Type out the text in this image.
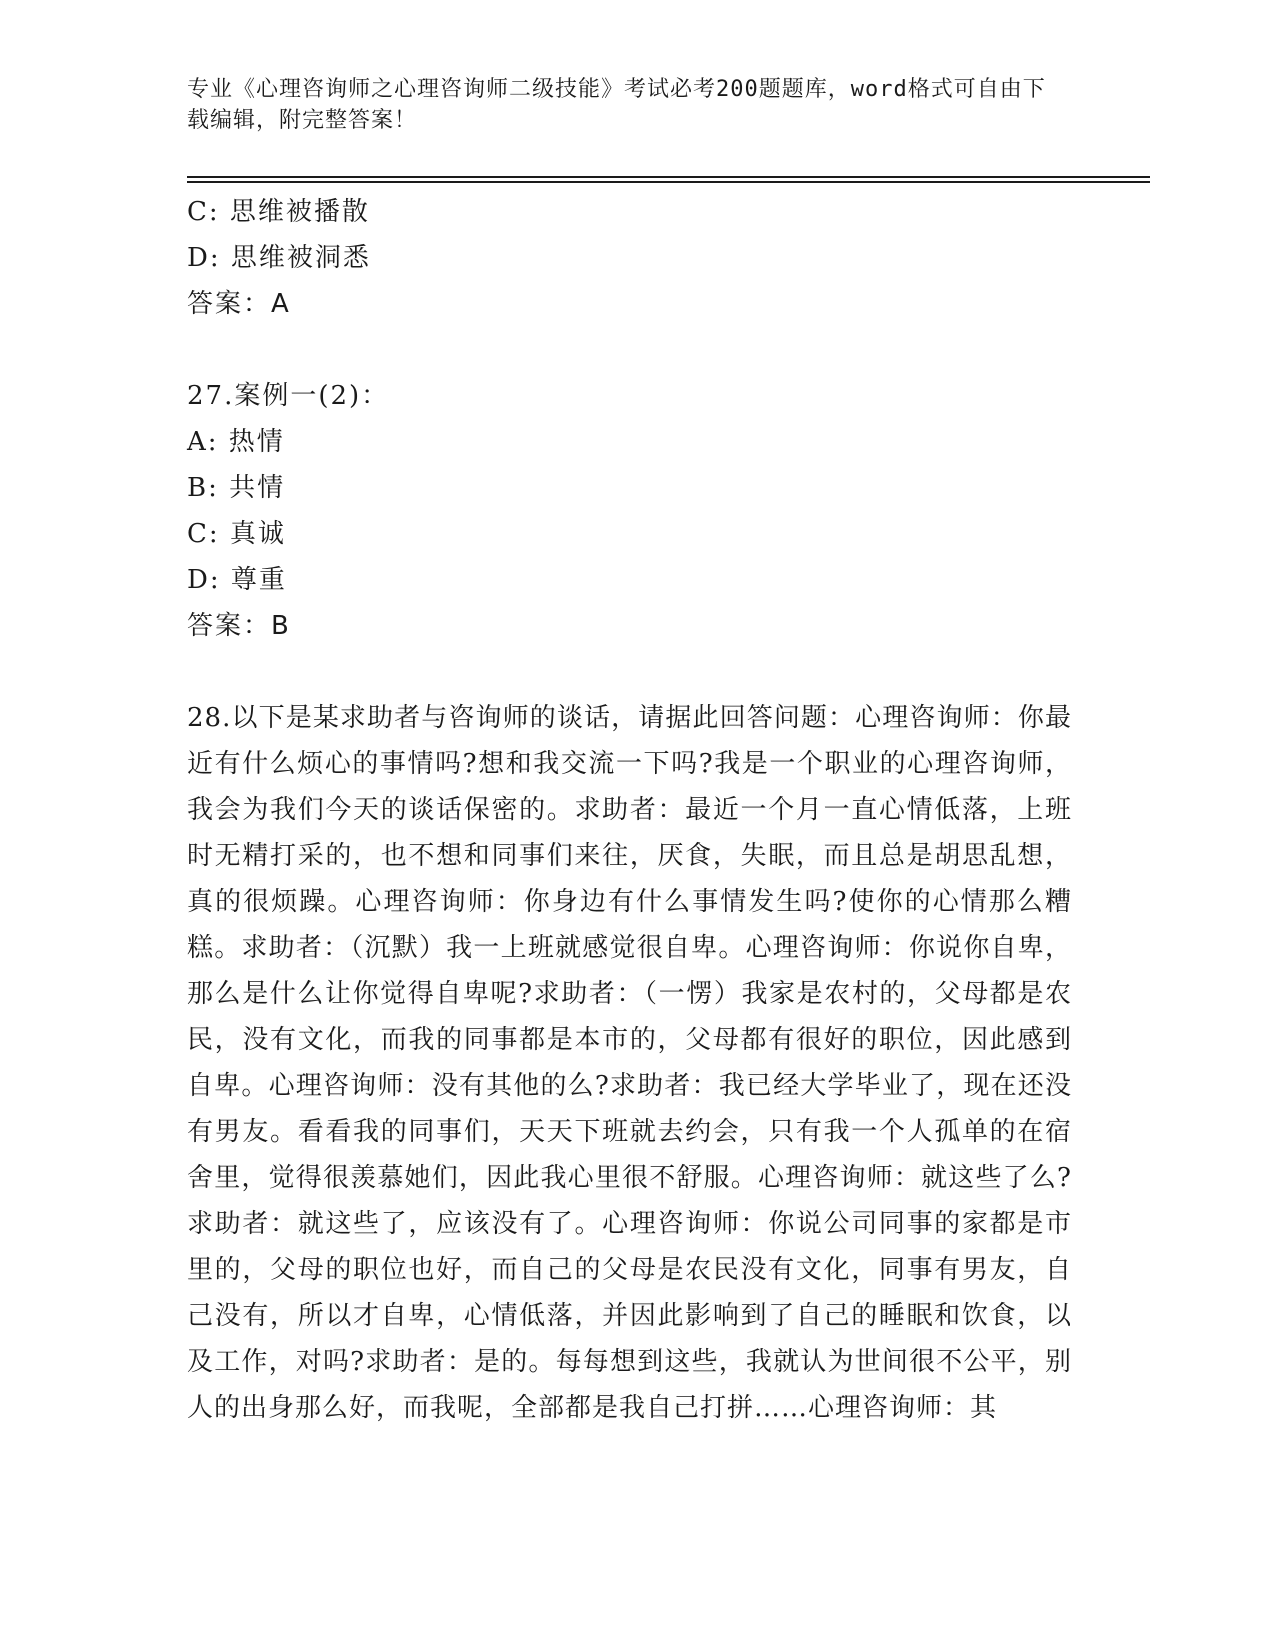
专业《心理咨询师之心理咨询师二级技能》考试必考200题题库，word格式可自由下载编辑，附完整答案！
C: 思维被播散
D: 思维被洞悉
答案：A
27.案例一(2)：
A: 热情
B: 共情
C: 真诚
D: 尊重
答案：B
28.以下是某求助者与咨询师的谈话，请据此回答问题：心理咨询师：你最近有什么烦心的事情吗?想和我交流一下吗?我是一个职业的心理咨询师，我会为我们今天的谈话保密的。求助者：最近一个月一直心情低落，上班时无精打采的，也不想和同事们来往，厌食，失眠，而且总是胡思乱想，真的很烦躁。心理咨询师：你身边有什么事情发生吗?使你的心情那么糟糕。求助者：（沉默）我一上班就感觉很自卑。心理咨询师：你说你自卑，那么是什么让你觉得自卑呢?求助者：（一愣）我家是农村的，父母都是农民，没有文化，而我的同事都是本市的，父母都有很好的职位，因此感到自卑。心理咨询师：没有其他的么?求助者：我已经大学毕业了，现在还没有男友。看看我的同事们，天天下班就去约会，只有我一个人孤单的在宿舍里，觉得很羡慕她们，因此我心里很不舒服。心理咨询师：就这些了么?求助者：就这些了，应该没有了。心理咨询师：你说公司同事的家都是市里的，父母的职位也好，而自己的父母是农民没有文化，同事有男友，自己没有，所以才自卑，心情低落，并因此影响到了自己的睡眠和饮食，以及工作，对吗?求助者：是的。每每想到这些，我就认为世间很不公平，别人的出身那么好，而我呢，全部都是我自己打拼……心理咨询师：其
